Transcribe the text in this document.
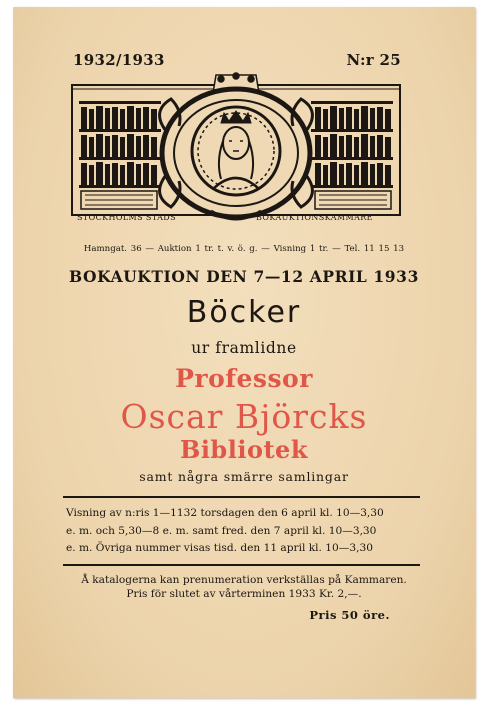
1932/1933	N:r 25
STOCKHOLMS STADS	BOKAUKTIONSKAMMARE
Hamngat. 36 — Auktion 1 tr. t. v. ö. g. — Visning 1 tr. — Tel. 11 15 13
BOKAUKTION DEN 7—12 APRIL 1933
Böcker
ur framlidne
Professor
Oscar Björcks
Bibliotek
samt några smärre samlingar
Visning av n:ris 1—1132 torsdagen den 6 april kl. 10—3,30
e. m. och 5,30—8 e. m. samt fred. den 7 april kl. 10—3,30
e. m. Övriga nummer visas tisd. den 11 april kl. 10—3,30
Å katalogerna kan prenumeration verkställas på Kammaren.
Pris för slutet av vårterminen 1933 Kr. 2,—.
Pris 50 öre.
